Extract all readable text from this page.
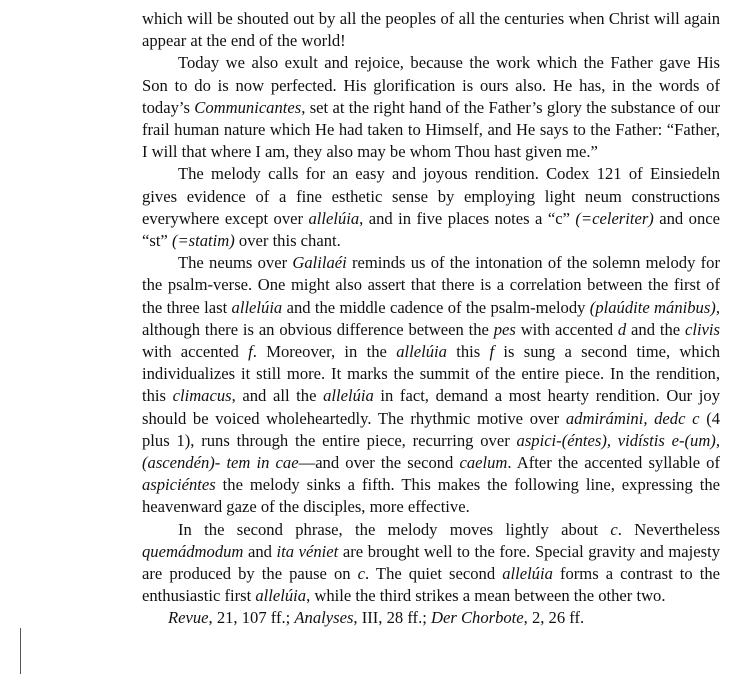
which will be shouted out by all the peoples of all the centuries when Christ will again appear at the end of the world!

Today we also exult and rejoice, because the work which the Father gave His Son to do is now perfected. His glorification is ours also. He has, in the words of today’s Communicantes, set at the right hand of the Father’s glory the substance of our frail human nature which He had taken to Himself, and He says to the Father: “Father, I will that where I am, they also may be whom Thou hast given me.”

The melody calls for an easy and joyous rendition. Codex 121 of Einsiedeln gives evidence of a fine esthetic sense by employing light neum constructions everywhere except over allelúia, and in five places notes a “c” (=celeriter) and once “st” (=statim) over this chant.

The neums over Galilaéi reminds us of the intonation of the solemn melody for the psalm-verse. One might also assert that there is a correlation between the first of the three last allelúia and the middle cadence of the psalm-melody (plaúdite mánibus), although there is an obvious difference between the pes with accented d and the clivis with accented f. Moreover, in the allelúia this f is sung a second time, which individualizes it still more. It marks the summit of the entire piece. In the rendition, this climacus, and all the allelúia in fact, demand a most hearty rendition. Our joy should be voiced wholeheartedly. The rhythmic motive over admirámini, dedc c (4 plus 1), runs through the entire piece, recurring over aspici-(éntes), vidístis e-(um), (ascendén)- tem in cae—and over the second caelum. After the accented syllable of aspiciéntes the melody sinks a fifth. This makes the following line, expressing the heavenward gaze of the disciples, more effective.

In the second phrase, the melody moves lightly about c. Nevertheless quemádmodum and ita véniet are brought well to the fore. Special gravity and majesty are produced by the pause on c. The quiet second allelúia forms a contrast to the enthusiastic first allelúia, while the third strikes a mean between the other two.

Revue, 21, 107 ff.; Analyses, III, 28 ff.; Der Chorbote, 2, 26 ff.
